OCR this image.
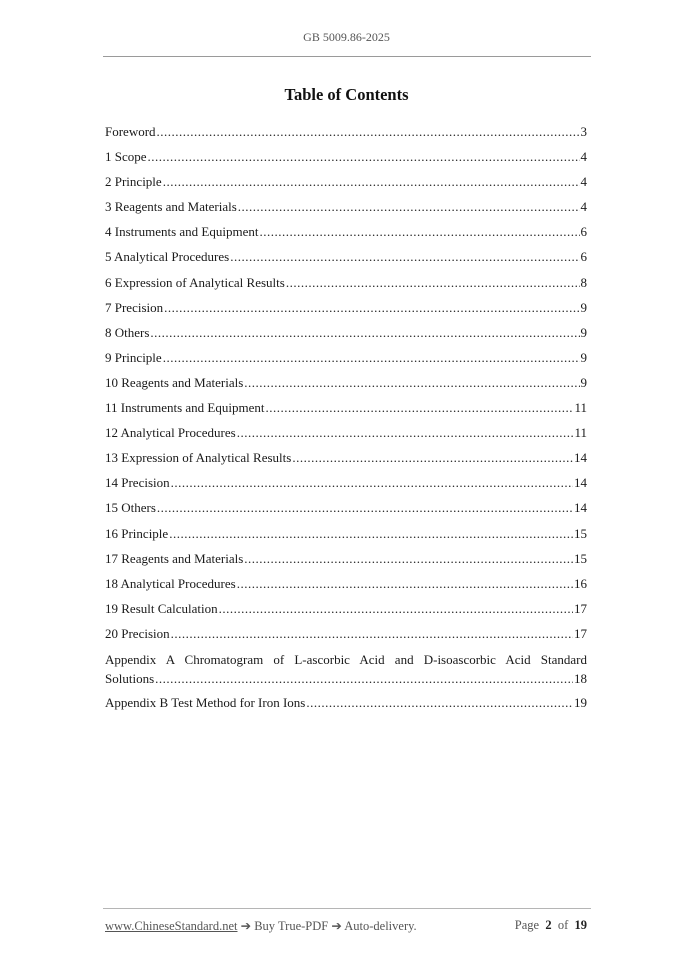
GB 5009.86-2025
Table of Contents
Foreword .....	3
1 Scope .....	4
2 Principle .....	4
3 Reagents and Materials .....	4
4 Instruments and Equipment .....	6
5 Analytical Procedures .....	6
6 Expression of Analytical Results .....	8
7 Precision .....	9
8 Others .....	9
9 Principle .....	9
10 Reagents and Materials .....	9
11 Instruments and Equipment .....	11
12 Analytical Procedures .....	11
13 Expression of Analytical Results .....	14
14 Precision .....	14
15 Others .....	14
16 Principle .....	15
17 Reagents and Materials .....	15
18 Analytical Procedures .....	16
19 Result Calculation .....	17
20 Precision .....	17
Appendix A Chromatogram of L-ascorbic Acid and D-isoascorbic Acid Standard
Solutions .....	18
Appendix B Test Method for Iron Ions .....	19
www.ChineseStandard.net ➔ Buy True-PDF ➔ Auto-delivery.	Page 2 of 19
